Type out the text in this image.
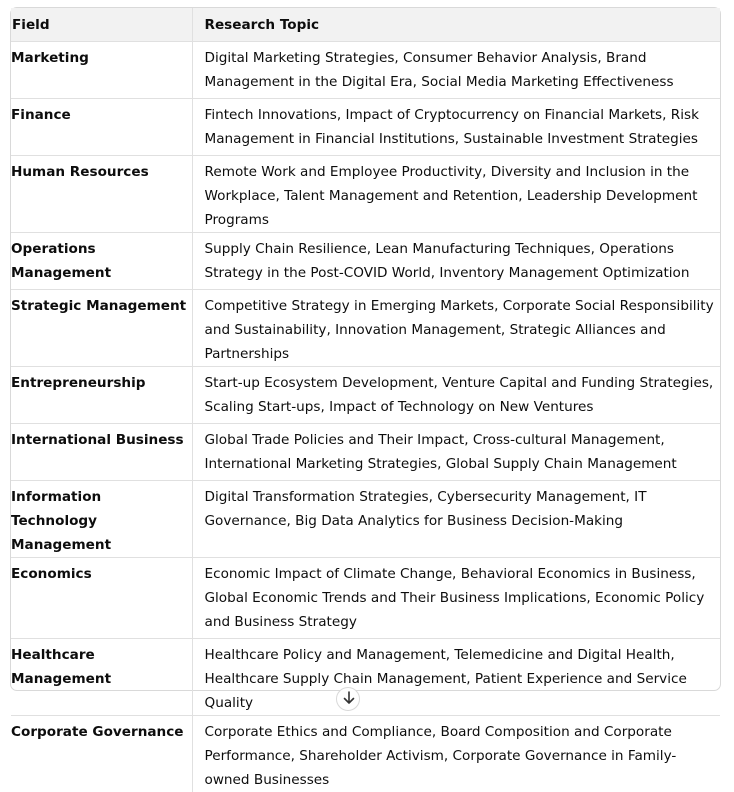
Field	Research Topic
Marketing	Digital Marketing Strategies, Consumer Behavior Analysis, Brand Management in the Digital Era, Social Media Marketing Effectiveness
Finance	Fintech Innovations, Impact of Cryptocurrency on Financial Markets, Risk Management in Financial Institutions, Sustainable Investment Strategies
Human Resources	Remote Work and Employee Productivity, Diversity and Inclusion in the Workplace, Talent Management and Retention, Leadership Development Programs
Operations Management	Supply Chain Resilience, Lean Manufacturing Techniques, Operations Strategy in the Post-COVID World, Inventory Management Optimization
Strategic Management	Competitive Strategy in Emerging Markets, Corporate Social Responsibility and Sustainability, Innovation Management, Strategic Alliances and Partnerships
Entrepreneurship	Start-up Ecosystem Development, Venture Capital and Funding Strategies, Scaling Start-ups, Impact of Technology on New Ventures
International Business	Global Trade Policies and Their Impact, Cross-cultural Management, International Marketing Strategies, Global Supply Chain Management
Information Technology Management	Digital Transformation Strategies, Cybersecurity Management, IT Governance, Big Data Analytics for Business Decision-Making
Economics	Economic Impact of Climate Change, Behavioral Economics in Business, Global Economic Trends and Their Business Implications, Economic Policy and Business Strategy
Healthcare Management	Healthcare Policy and Management, Telemedicine and Digital Health, Healthcare Supply Chain Management, Patient Experience and Service Quality
Corporate Governance	Corporate Ethics and Compliance, Board Composition and Corporate Performance, Shareholder Activism, Corporate Governance in Family-owned Businesses
